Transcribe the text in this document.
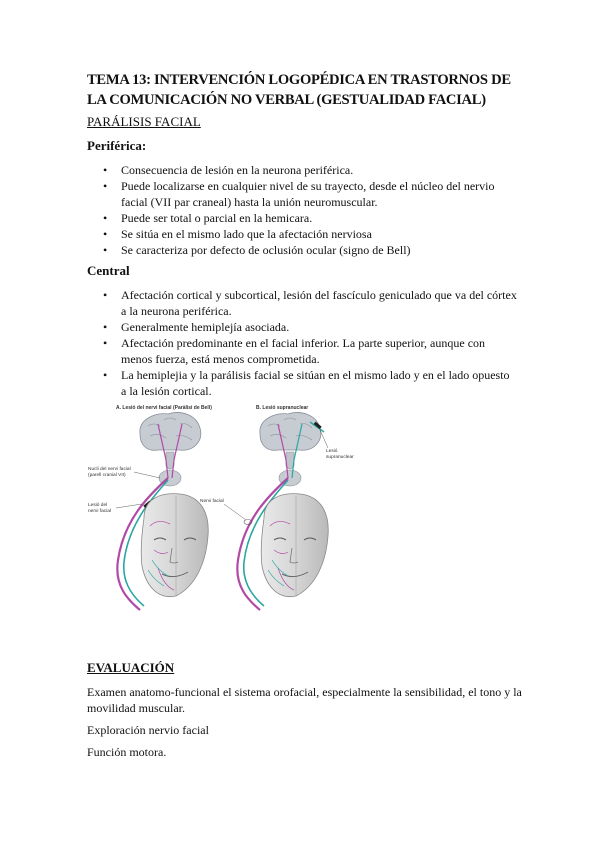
TEMA 13: INTERVENCIÓN LOGOPÉDICA EN TRASTORNOS DE
LA COMUNICACIÓN NO VERBAL (GESTUALIDAD FACIAL)
PARÁLISIS FACIAL
Periférica:
• Consecuencia de lesión en la neurona periférica.
• Puede localizarse en cualquier nivel de su trayecto, desde el núcleo del nervio facial (VII par craneal) hasta la unión neuromuscular.
• Puede ser total o parcial en la hemicara.
• Se sitúa en el mismo lado que la afectación nerviosa
• Se caracteriza por defecto de oclusión ocular (signo de Bell)
Central
• Afectación cortical y subcortical, lesión del fascículo geniculado que va del córtex a la neurona periférica.
• Generalmente hemiplejía asociada.
• Afectación predominante en el facial inferior. La parte superior, aunque con menos fuerza, está menos comprometida.
• La hemiplejia y la parálisis facial se sitúan en el mismo lado y en el lado opuesto a la lesión cortical.
A. Lesió del nervi facial (Paràlisi de Bell)
Nucli del nervi facial
(parell cranial VII)
Lesió del
nervi facial
B. Lesió supranuclear
Lesió
supranuclear
Nervi facial
EVALUACIÓN

Examen anatomo-funcional el sistema orofacial, especialmente la sensibilidad, el tono y la movilidad muscular.

Exploración nervio facial

Función motora.
